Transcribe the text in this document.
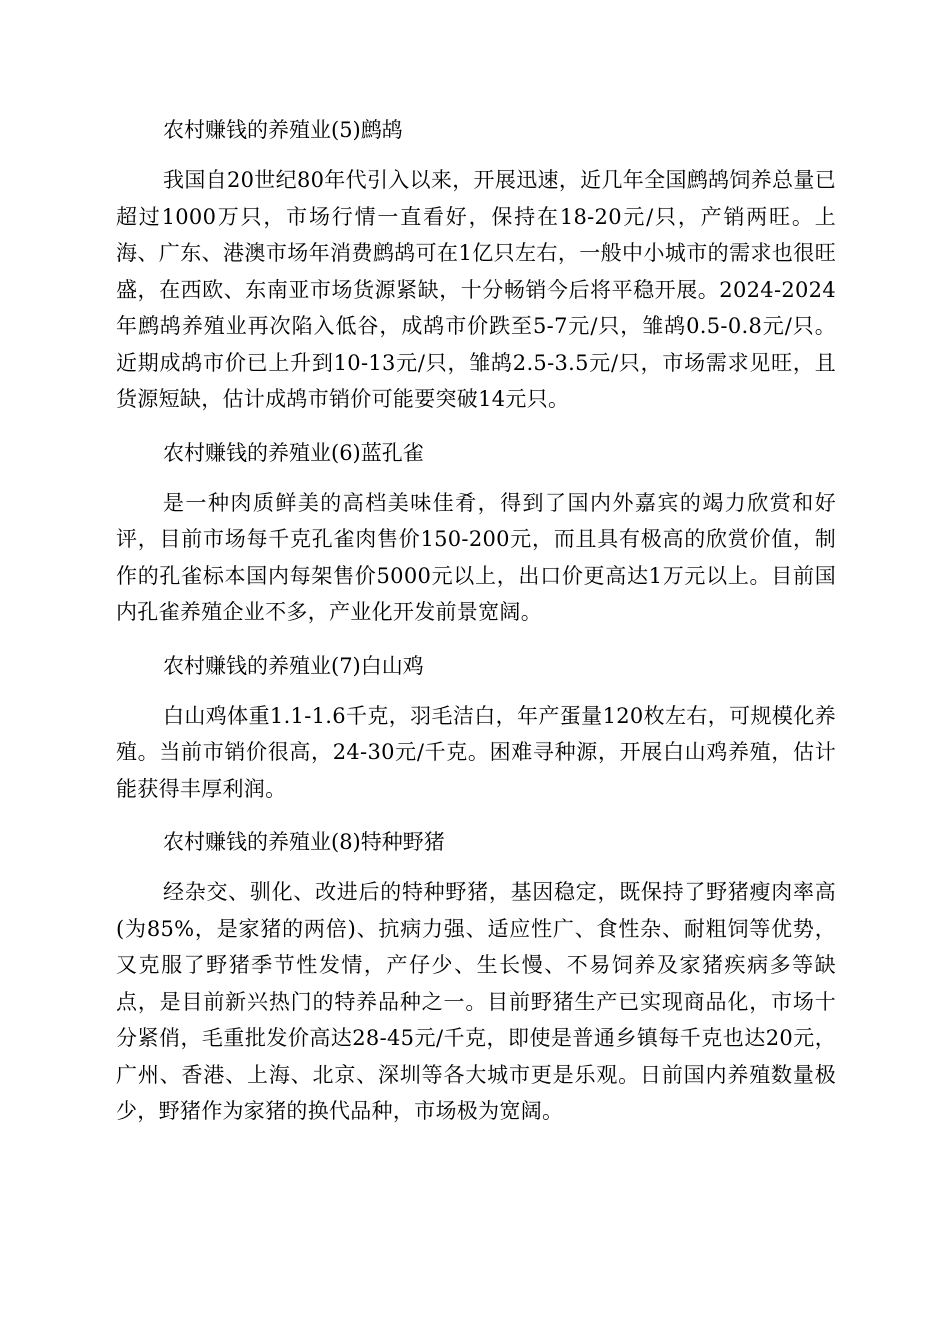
农村赚钱的养殖业(5)鹧鸪

我国自20世纪80年代引入以来，开展迅速，近几年全国鹧鸪饲养总量已超过1000万只，市场行情一直看好，保持在18-20元/只，产销两旺。上海、广东、港澳市场年消费鹧鸪可在1亿只左右，一般中小城市的需求也很旺盛，在西欧、东南亚市场货源紧缺，十分畅销今后将平稳开展。2024-2024年鹧鸪养殖业再次陷入低谷，成鸪市价跌至5-7元/只，雏鸪0.5-0.8元/只。近期成鸪市价已上升到10-13元/只，雏鸪2.5-3.5元/只，市场需求见旺，且货源短缺，估计成鸪市销价可能要突破14元只。

农村赚钱的养殖业(6)蓝孔雀

是一种肉质鲜美的高档美味佳肴，得到了国内外嘉宾的竭力欣赏和好评，目前市场每千克孔雀肉售价150-200元，而且具有极高的欣赏价值，制作的孔雀标本国内每架售价5000元以上，出口价更高达1万元以上。目前国内孔雀养殖企业不多，产业化开发前景宽阔。

农村赚钱的养殖业(7)白山鸡

白山鸡体重1.1-1.6千克，羽毛洁白，年产蛋量120枚左右，可规模化养殖。当前市销价很高，24-30元/千克。困难寻种源，开展白山鸡养殖，估计能获得丰厚利润。

农村赚钱的养殖业(8)特种野猪

经杂交、驯化、改进后的特种野猪，基因稳定，既保持了野猪瘦肉率高(为85%，是家猪的两倍)、抗病力强、适应性广、食性杂、耐粗饲等优势，又克服了野猪季节性发情，产仔少、生长慢、不易饲养及家猪疾病多等缺点，是目前新兴热门的特养品种之一。目前野猪生产已实现商品化，市场十分紧俏，毛重批发价高达28-45元/千克，即使是普通乡镇每千克也达20元，广州、香港、上海、北京、深圳等各大城市更是乐观。日前国内养殖数量极少，野猪作为家猪的换代品种，市场极为宽阔。
